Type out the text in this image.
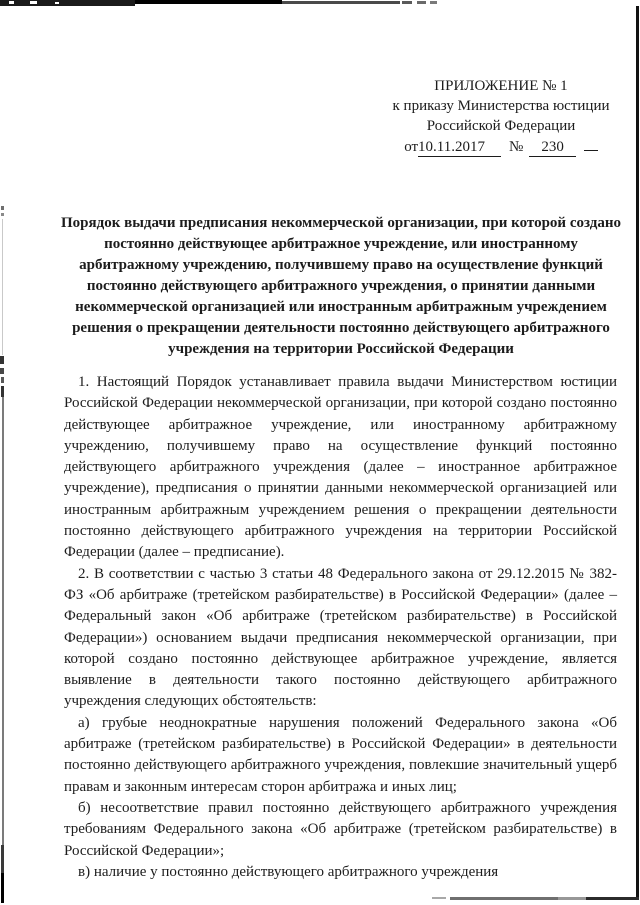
ПРИЛОЖЕНИЕ № 1
к приказу Министерства юстиции
Российской Федерации
от10.11.2017 № 230
Порядок выдачи предписания некоммерческой организации, при которой создано постоянно действующее арбитражное учреждение, или иностранному арбитражному учреждению, получившему право на осуществление функций постоянно действующего арбитражного учреждения, о принятии данными некоммерческой организацией или иностранным арбитражным учреждением решения о прекращении деятельности постоянно действующего арбитражного учреждения на территории Российской Федерации

1. Настоящий Порядок устанавливает правила выдачи Министерством юстиции Российской Федерации некоммерческой организации, при которой создано постоянно действующее арбитражное учреждение, или иностранному арбитражному учреждению, получившему право на осуществление функций постоянно действующего арбитражного учреждения (далее – иностранное арбитражное учреждение), предписания о принятии данными некоммерческой организацией или иностранным арбитражным учреждением решения о прекращении деятельности постоянно действующего арбитражного учреждения на территории Российской Федерации (далее – предписание).

2. В соответствии с частью 3 статьи 48 Федерального закона от 29.12.2015 № 382-ФЗ «Об арбитраже (третейском разбирательстве) в Российской Федерации» (далее – Федеральный закон «Об арбитраже (третейском разбирательстве) в Российской Федерации») основанием выдачи предписания некоммерческой организации, при которой создано постоянно действующее арбитражное учреждение, является выявление в деятельности такого постоянно действующего арбитражного учреждения следующих обстоятельств:

а) грубые неоднократные нарушения положений Федерального закона «Об арбитраже (третейском разбирательстве) в Российской Федерации» в деятельности постоянно действующего арбитражного учреждения, повлекшие значительный ущерб правам и законным интересам сторон арбитража и иных лиц;

б) несоответствие правил постоянно действующего арбитражного учреждения требованиям Федерального закона «Об арбитраже (третейском разбирательстве) в Российской Федерации»;

в) наличие у постоянно действующего арбитражного учреждения
